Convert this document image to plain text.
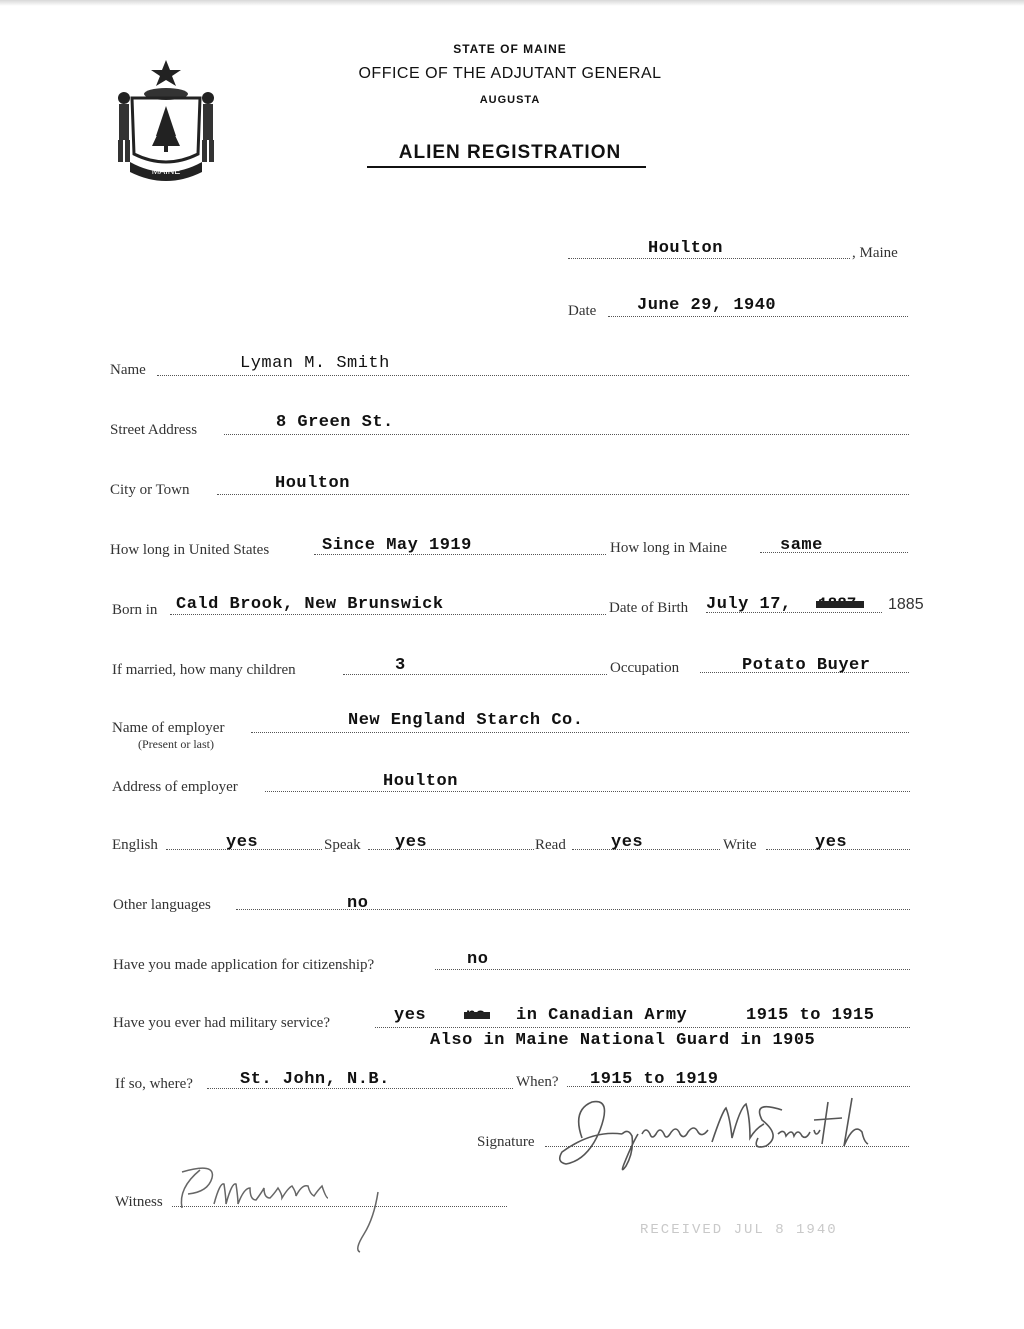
MAINE
STATE OF MAINE
OFFICE OF THE ADJUTANT GENERAL
AUGUSTA
ALIEN REGISTRATION
Houlton	, Maine
Date June 29, 1940
Name	Lyman M. Smith
Street Address	8 Green St.
City or Town	Houlton
How long in United States	Since May 1919	How long in Maine	same
Born in Cald Brook, New Brunswick	Date of Birth July 17,	1885
If married, how many children	3	Occupation	Potato Buyer
Name of employer
(Present or last)
New England Starch Co.
Address of employer	Houlton
English	yes	Speak yes	Read	yes	Write	yes
Other languages	no
Have you made application for citizenship?	no
Have you ever had military service?	yes	in Canadian Army	1915 to 1915
Also in Maine National Guard in 1905
If so, where?	St. John, N.B.	When? 1915 to 1919
Signature
Witness
RECEIVED JUL 8 1940
